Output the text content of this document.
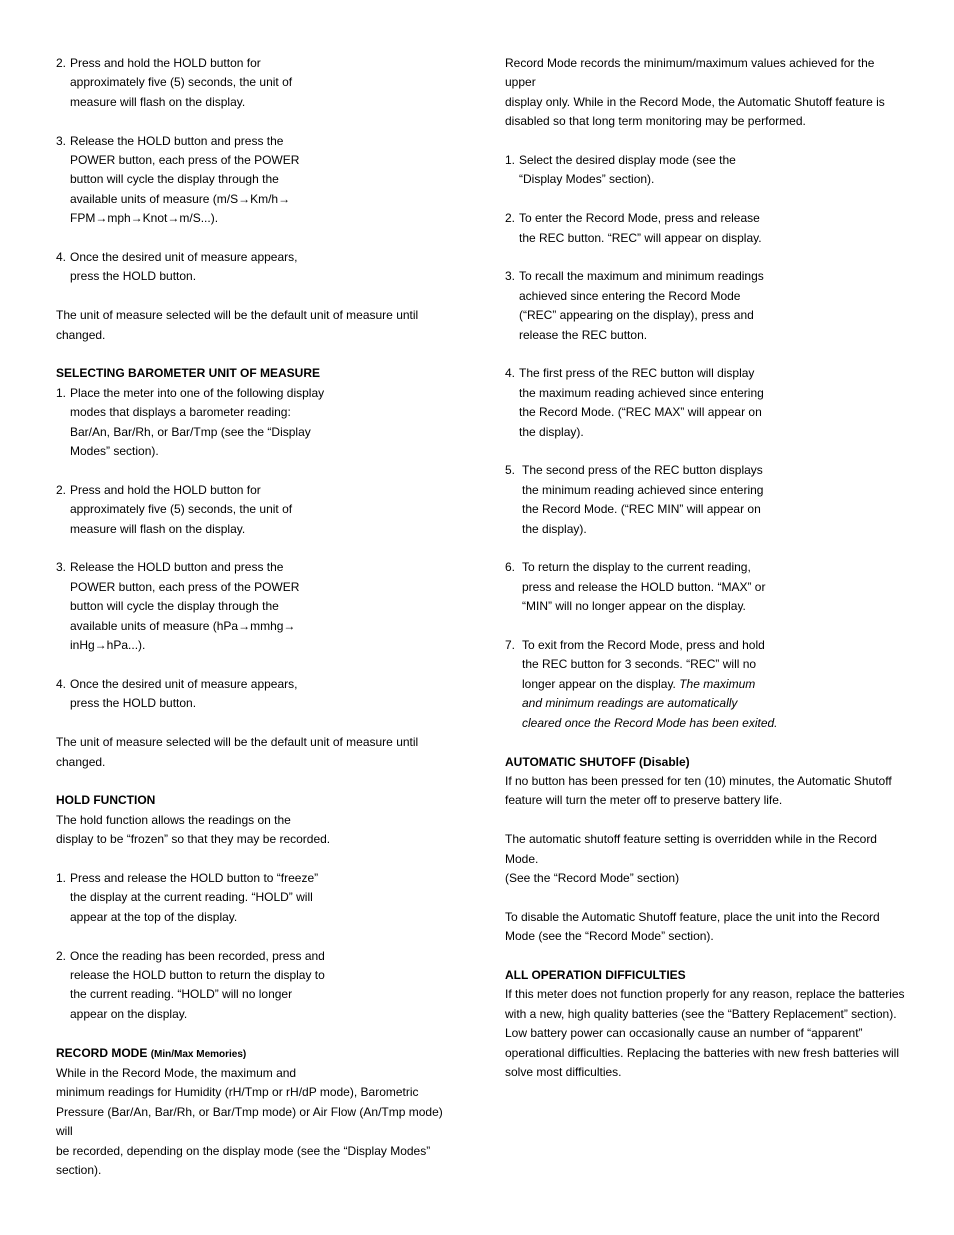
2. Press and hold the HOLD button for
approximately five (5) seconds, the unit of
measure will flash on the display.
3. Release the HOLD button and press the
POWER button, each press of the POWER
button will cycle the display through the
available units of measure (m/S→Km/h→
FPM→mph→Knot→m/S...).
4. Once the desired unit of measure appears,
press the HOLD button.
The unit of measure selected will be the default unit of measure until
changed.

SELECTING BAROMETER UNIT OF MEASURE

1. Place the meter into one of the following display
modes that displays a barometer reading:
Bar/An, Bar/Rh, or Bar/Tmp (see the “Display
Modes” section).
2. Press and hold the HOLD button for
approximately five (5) seconds, the unit of
measure will flash on the display.
3. Release the HOLD button and press the
POWER button, each press of the POWER
button will cycle the display through the
available units of measure (hPa→mmhg→
inHg→hPa...).
4. Once the desired unit of measure appears,
press the HOLD button.
The unit of measure selected will be the default unit of measure until
changed.

HOLD FUNCTION

The hold function allows the readings on the
display to be “frozen” so that they may be recorded.
1. Press and release the HOLD button to “freeze”
the display at the current reading. “HOLD” will
appear at the top of the display.
2. Once the reading has been recorded, press and
release the HOLD button to return the display to
the current reading. “HOLD” will no longer
appear on the display.

RECORD MODE (Min/Max Memories)

While in the Record Mode, the maximum and
minimum readings for Humidity (rH/Tmp or rH/dP mode), Barometric
Pressure (Bar/An, Bar/Rh, or Bar/Tmp mode) or Air Flow (An/Tmp mode) will
be recorded, depending on the display mode (see the “Display Modes”
section).
Record Mode records the minimum/maximum values achieved for the upper
display only. While in the Record Mode, the Automatic Shutoff feature is
disabled so that long term monitoring may be performed.
1. Select the desired display mode (see the
“Display Modes” section).
2. To enter the Record Mode, press and release
the REC button. “REC” will appear on display.
3. To recall the maximum and minimum readings
achieved since entering the Record Mode
(“REC” appearing on the display), press and
release the REC button.
4. The first press of the REC button will display
the maximum reading achieved since entering
the Record Mode. (“REC MAX” will appear on
the display).
5. The second press of the REC button displays
the minimum reading achieved since entering
the Record Mode. (“REC MIN” will appear on
the display).
6. To return the display to the current reading,
press and release the HOLD button. “MAX” or
“MIN” will no longer appear on the display.
7. To exit from the Record Mode, press and hold
the REC button for 3 seconds. “REC” will no
longer appear on the display. The maximum
and minimum readings are automatically
cleared once the Record Mode has been exited.

AUTOMATIC SHUTOFF (Disable)

If no button has been pressed for ten (10) minutes, the Automatic Shutoff
feature will turn the meter off to preserve battery life.
The automatic shutoff feature setting is overridden while in the Record Mode.
(See the “Record Mode” section)
To disable the Automatic Shutoff feature, place the unit into the Record
Mode (see the “Record Mode” section).

ALL OPERATION DIFFICULTIES

If this meter does not function properly for any reason, replace the batteries
with a new, high quality batteries (see the “Battery Replacement” section).
Low battery power can occasionally cause an number of “apparent”
operational difficulties. Replacing the batteries with new fresh batteries will
solve most difficulties.
